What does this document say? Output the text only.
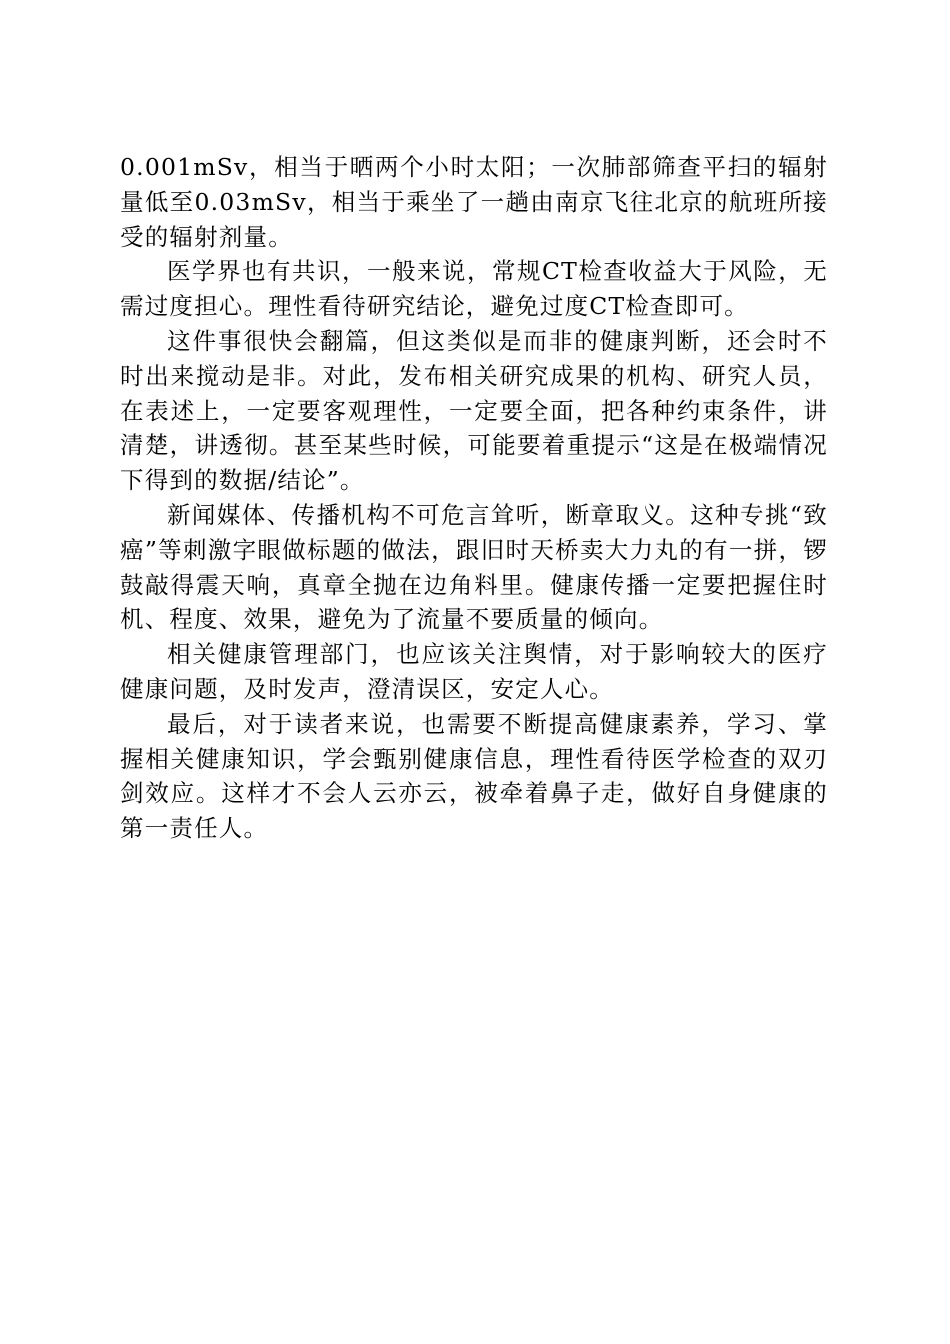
0.001mSv，相当于晒两个小时太阳；一次肺部筛查平扫的辐射量低至0.03mSv，相当于乘坐了一趟由南京飞往北京的航班所接受的辐射剂量。

医学界也有共识，一般来说，常规CT检查收益大于风险，无需过度担心。理性看待研究结论，避免过度CT检查即可。

这件事很快会翻篇，但这类似是而非的健康判断，还会时不时出来搅动是非。对此，发布相关研究成果的机构、研究人员，在表述上，一定要客观理性，一定要全面，把各种约束条件，讲清楚，讲透彻。甚至某些时候，可能要着重提示“这是在极端情况下得到的数据/结论”。

新闻媒体、传播机构不可危言耸听，断章取义。这种专挑“致癌”等刺激字眼做标题的做法，跟旧时天桥卖大力丸的有一拼，锣鼓敲得震天响，真章全抛在边角料里。健康传播一定要把握住时机、程度、效果，避免为了流量不要质量的倾向。

相关健康管理部门，也应该关注舆情，对于影响较大的医疗健康问题，及时发声，澄清误区，安定人心。

最后，对于读者来说，也需要不断提高健康素养，学习、掌握相关健康知识，学会甄别健康信息，理性看待医学检查的双刃剑效应。这样才不会人云亦云，被牵着鼻子走，做好自身健康的第一责任人。
